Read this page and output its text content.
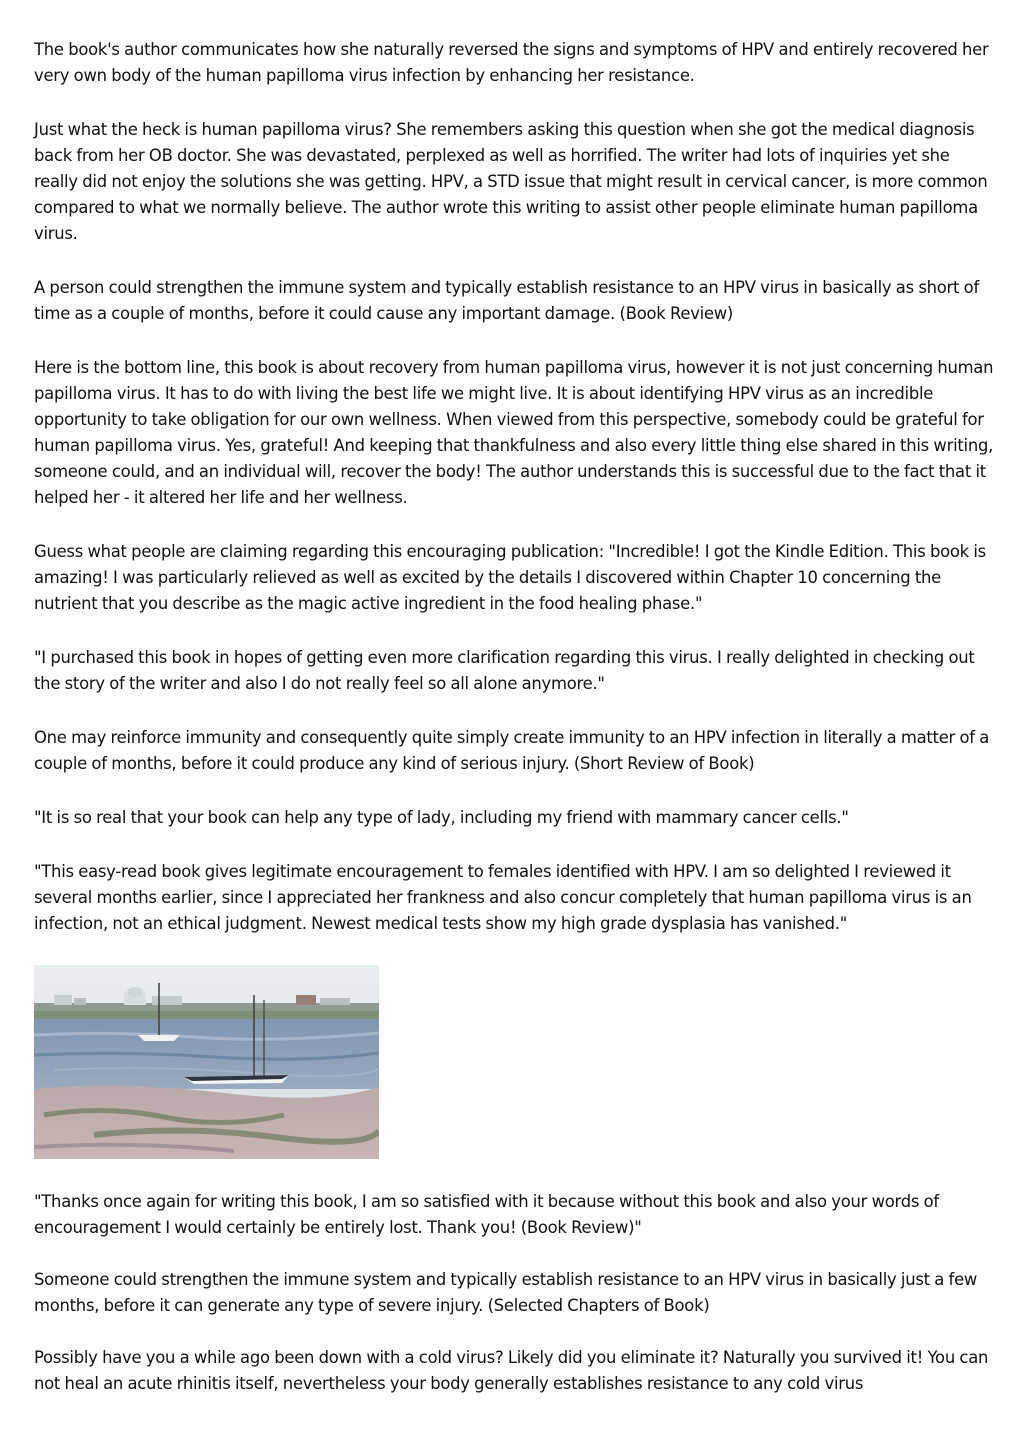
The book's author communicates how she naturally reversed the signs and symptoms of HPV and entirely recovered her very own body of the human papilloma virus infection by enhancing her resistance.

Just what the heck is human papilloma virus? She remembers asking this question when she got the medical diagnosis back from her OB doctor. She was devastated, perplexed as well as horrified. The writer had lots of inquiries yet she really did not enjoy the solutions she was getting. HPV, a STD issue that might result in cervical cancer, is more common compared to what we normally believe. The author wrote this writing to assist other people eliminate human papilloma virus.

A person could strengthen the immune system and typically establish resistance to an HPV virus in basically as short of time as a couple of months, before it could cause any important damage. (Book Review)

Here is the bottom line, this book is about recovery from human papilloma virus, however it is not just concerning human papilloma virus. It has to do with living the best life we might live. It is about identifying HPV virus as an incredible opportunity to take obligation for our own wellness. When viewed from this perspective, somebody could be grateful for human papilloma virus. Yes, grateful! And keeping that thankfulness and also every little thing else shared in this writing, someone could, and an individual will, recover the body! The author understands this is successful due to the fact that it helped her - it altered her life and her wellness.

Guess what people are claiming regarding this encouraging publication: "Incredible! I got the Kindle Edition. This book is amazing! I was particularly relieved as well as excited by the details I discovered within Chapter 10 concerning the nutrient that you describe as the magic active ingredient in the food healing phase."

"I purchased this book in hopes of getting even more clarification regarding this virus. I really delighted in checking out the story of the writer and also I do not really feel so all alone anymore."

One may reinforce immunity and consequently quite simply create immunity to an HPV infection in literally a matter of a couple of months, before it could produce any kind of serious injury. (Short Review of Book)

"It is so real that your book can help any type of lady, including my friend with mammary cancer cells."

"This easy-read book gives legitimate encouragement to females identified with HPV. I am so delighted I reviewed it several months earlier, since I appreciated her frankness and also concur completely that human papilloma virus is an infection, not an ethical judgment. Newest medical tests show my high grade dysplasia has vanished."

"Thanks once again for writing this book, I am so satisfied with it because without this book and also your words of encouragement I would certainly be entirely lost. Thank you! (Book Review)"

Someone could strengthen the immune system and typically establish resistance to an HPV virus in basically just a few months, before it can generate any type of severe injury. (Selected Chapters of Book)

Possibly have you a while ago been down with a cold virus? Likely did you eliminate it? Naturally you survived it! You can not heal an acute rhinitis itself, nevertheless your body generally establishes resistance to any cold virus
